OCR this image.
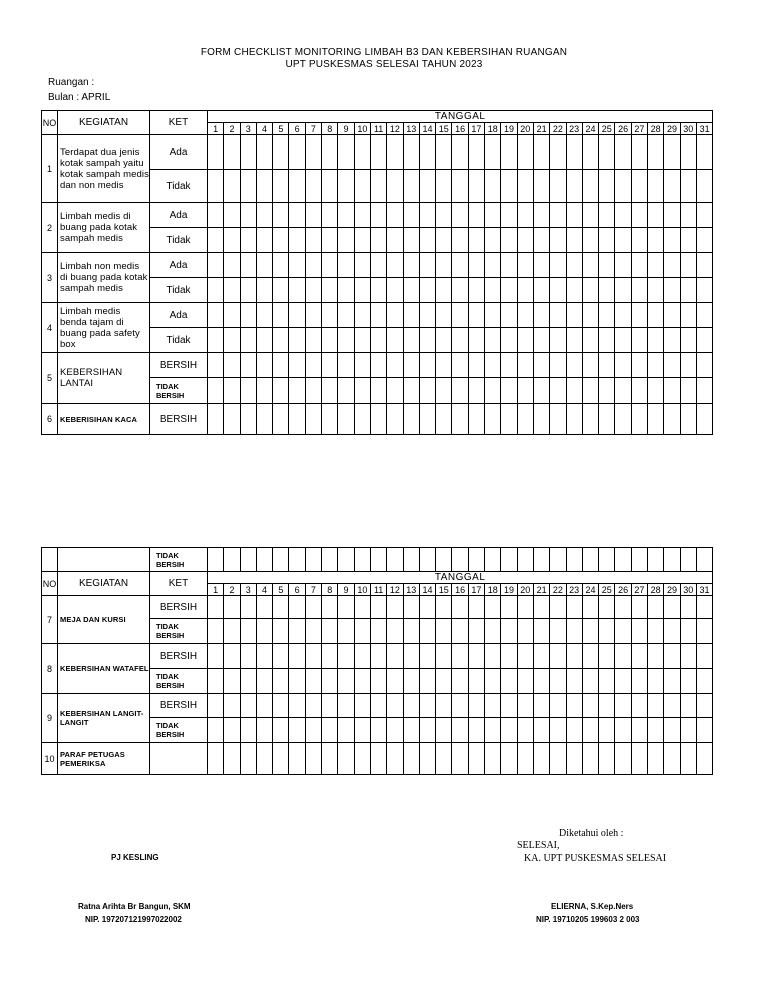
FORM CHECKLIST MONITORING LIMBAH B3 DAN KEBERSIHAN RUANGAN
UPT PUSKESMAS SELESAI TAHUN 2023
Ruangan :
Bulan : APRIL
NO	KEGIATAN	KET	TANGGAL																														
			1	2	3	4	5	6	7	8	9	10	11	12	13	14	15	16	17	18	19	20	21	22	23	24	25	26	27	28	29	30	31
1	Terdapat dua jenis kotak sampah yaitu kotak sampah medis dan non medis	Ada																															
		Tidak																															
2	Limbah medis di buang pada kotak sampah medis	Ada																															
		Tidak																															
3	Limbah non medis di buang pada kotak sampah medis	Ada																															
		Tidak																															
4	Limbah medis benda tajam di buang pada safety box	Ada																															
		Tidak																															
5	KEBERSIHAN LANTAI	BERSIH																															
		TIDAK BERSIH																															
6	KEBERISIHAN KACA	BERSIH																															
		TIDAK BERSIH																															
NO	KEGIATAN	KET	TANGGAL																														
			1	2	3	4	5	6	7	8	9	10	11	12	13	14	15	16	17	18	19	20	21	22	23	24	25	26	27	28	29	30	31
7	MEJA DAN KURSI	BERSIH																															
		TIDAK BERSIH																															
8	KEBERSIHAN WATAFEL	BERSIH																															
		TIDAK BERSIH																															
9	KEBERSIHAN LANGIT-LANGIT	BERSIH																															
		TIDAK BERSIH																															
10	PARAF PETUGAS PEMERIKSA																																
Diketahui oleh :
SELESAI,
KA. UPT PUSKESMAS SELESAI
PJ KESLING
Ratna Arihta Br Bangun, SKM
NIP. 197207121997022002
ELIERNA, S.Kep.Ners
NIP. 19710205 199603 2 003
